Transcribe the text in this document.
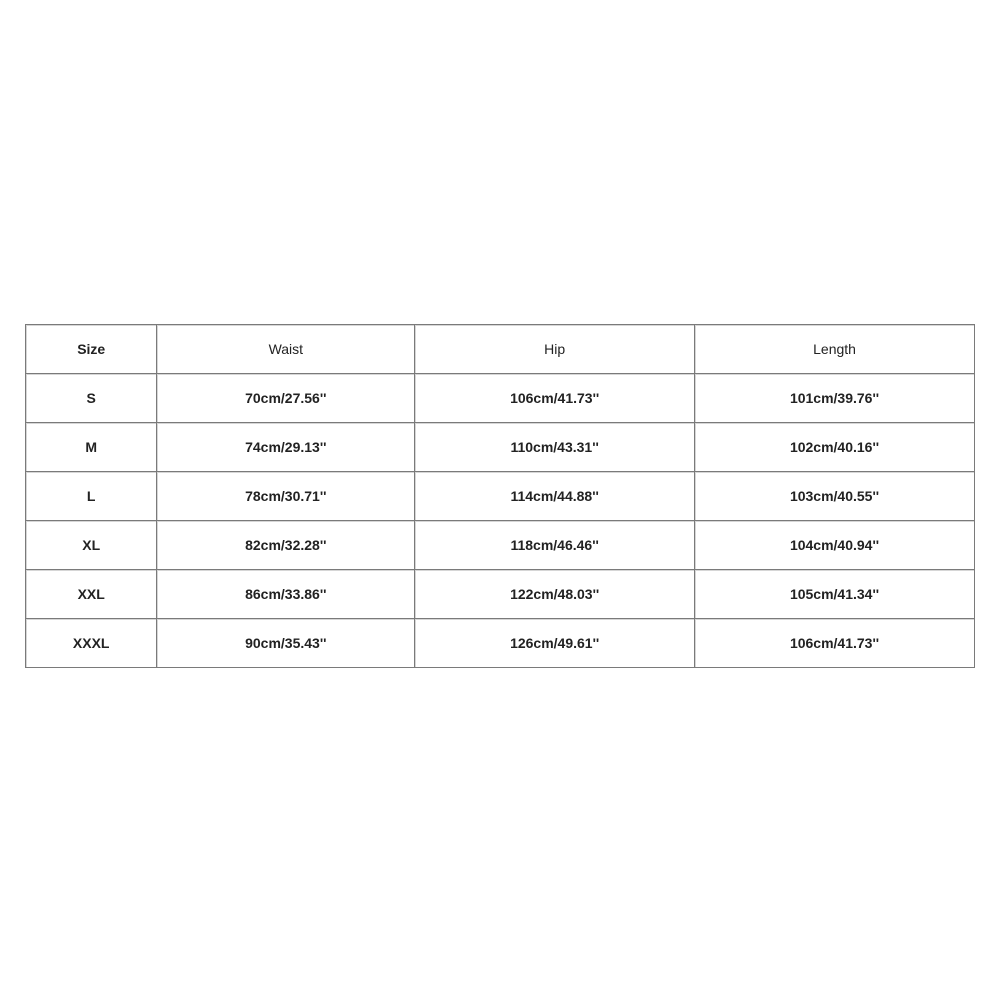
Size	Waist	Hip	Length
S	70cm/27.56''	106cm/41.73''	101cm/39.76''
M	74cm/29.13''	110cm/43.31''	102cm/40.16''
L	78cm/30.71''	114cm/44.88''	103cm/40.55''
XL	82cm/32.28''	118cm/46.46''	104cm/40.94''
XXL	86cm/33.86''	122cm/48.03''	105cm/41.34''
XXXL	90cm/35.43''	126cm/49.61''	106cm/41.73''
